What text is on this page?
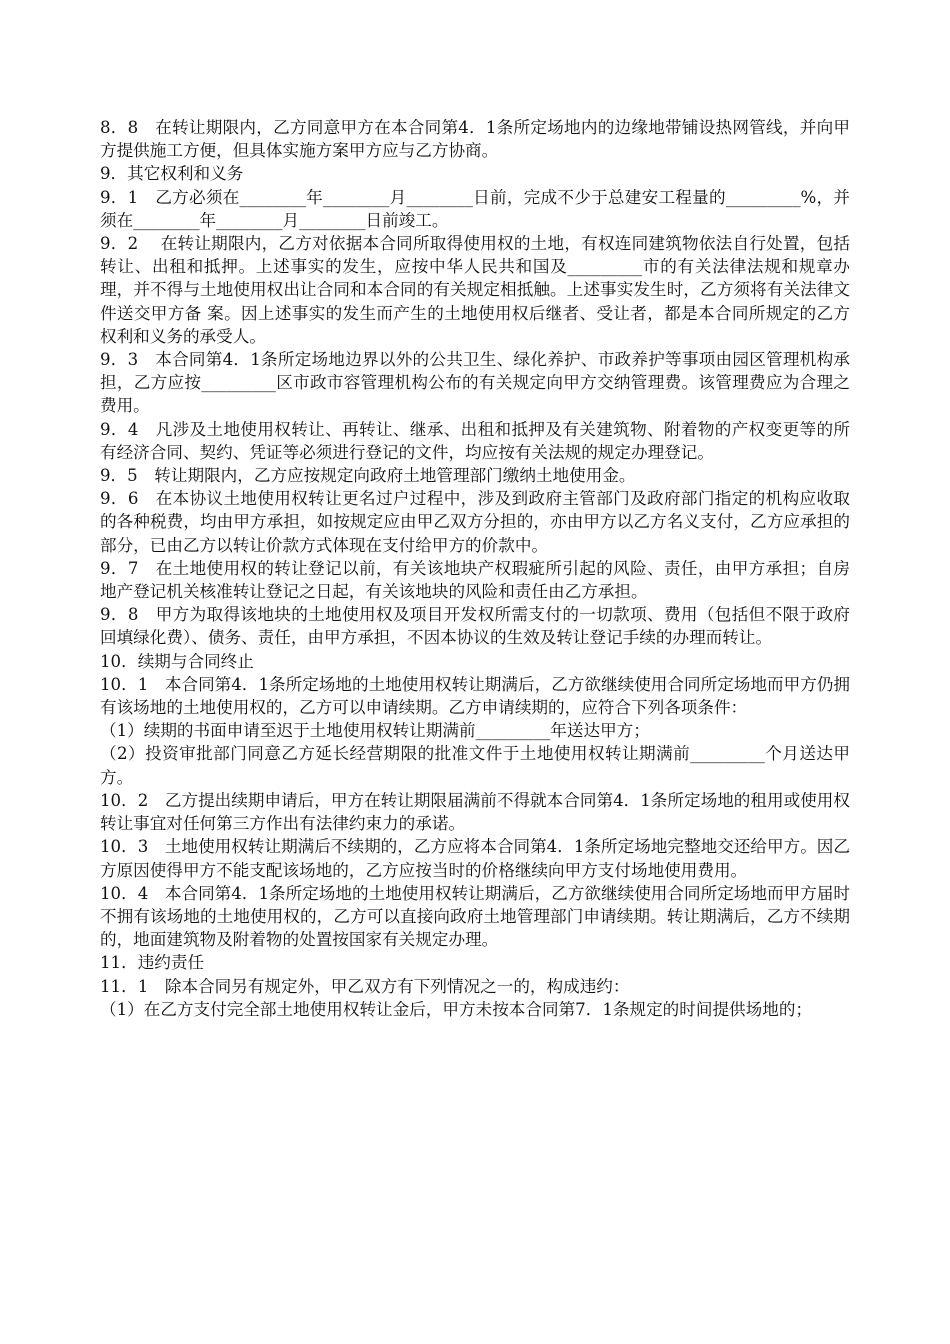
8．8　在转让期限内，乙方同意甲方在本合同第4．1条所定场地内的边缘地带铺设热网管线，并向甲方提供施工方便，但具体实施方案甲方应与乙方协商。

9．其它权利和义务

9．1　乙方必须在________年________月________日前，完成不少于总建安工程量的_________%，并须在________年________月________日前竣工。

9．2　 在转让期限内，乙方对依据本合同所取得使用权的土地，有权连同建筑物依法自行处置，包括转让、出租和抵押。上述事实的发生，应按中华人民共和国及_________市的有关法律法规和规章办理，并不得与土地使用权出让合同和本合同的有关规定相抵触。上述事实发生时，乙方须将有关法律文件送交甲方备 案。因上述事实的发生而产生的土地使用权后继者、受让者，都是本合同所规定的乙方权利和义务的承受人。

9．3　本合同第4．1条所定场地边界以外的公共卫生、绿化养护、市政养护等事项由园区管理机构承担，乙方应按_________区市政市容管理机构公布的有关规定向甲方交纳管理费。该管理费应为合理之费用。

9．4　凡涉及土地使用权转让、再转让、继承、出租和抵押及有关建筑物、附着物的产权变更等的所有经济合同、契约、凭证等必须进行登记的文件，均应按有关法规的规定办理登记。

9．5　转让期限内，乙方应按规定向政府土地管理部门缴纳土地使用金。

9．6　在本协议土地使用权转让更名过户过程中，涉及到政府主管部门及政府部门指定的机构应收取的各种税费，均由甲方承担，如按规定应由甲乙双方分担的，亦由甲方以乙方名义支付，乙方应承担的部分，已由乙方以转让价款方式体现在支付给甲方的价款中。

9．7　在土地使用权的转让登记以前，有关该地块产权瑕疵所引起的风险、责任，由甲方承担；自房地产登记机关核准转让登记之日起，有关该地块的风险和责任由乙方承担。

9．8　甲方为取得该地块的土地使用权及项目开发权所需支付的一切款项、费用（包括但不限于政府回填绿化费）、债务、责任，由甲方承担，不因本协议的生效及转让登记手续的办理而转让。

10．续期与合同终止

10．1　本合同第4．1条所定场地的土地使用权转让期满后，乙方欲继续使用合同所定场地而甲方仍拥有该场地的土地使用权的，乙方可以申请续期。乙方申请续期的，应符合下列各项条件：

（1）续期的书面申请至迟于土地使用权转让期满前_________年送达甲方；

（2）投资审批部门同意乙方延长经营期限的批准文件于土地使用权转让期满前_________个月送达甲方。

10．2　乙方提出续期申请后，甲方在转让期限届满前不得就本合同第4．1条所定场地的租用或使用权转让事宜对任何第三方作出有法律约束力的承诺。

10．3　土地使用权转让期满后不续期的，乙方应将本合同第4．1条所定场地完整地交还给甲方。因乙方原因使得甲方不能支配该场地的，乙方应按当时的价格继续向甲方支付场地使用费用。

10．4　本合同第4．1条所定场地的土地使用权转让期满后，乙方欲继续使用合同所定场地而甲方届时不拥有该场地的土地使用权的，乙方可以直接向政府土地管理部门申请续期。转让期满后，乙方不续期的，地面建筑物及附着物的处置按国家有关规定办理。

11．违约责任

11．1　除本合同另有规定外，甲乙双方有下列情况之一的，构成违约：

（1）在乙方支付完全部土地使用权转让金后，甲方未按本合同第7．1条规定的时间提供场地的；
